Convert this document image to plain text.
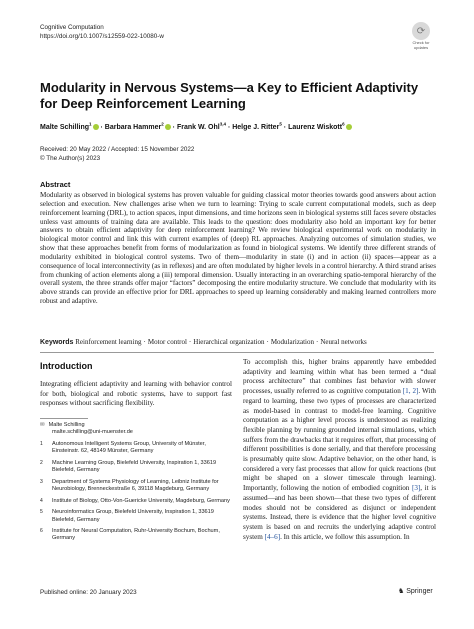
Cognitive Computation
https://doi.org/10.1007/s12559-022-10080-w	⟳
Check for
updates
Modularity in Nervous Systems—a Key to Efficient Adaptivity for Deep Reinforcement Learning
Malte Schilling$^1$ · Barbara Hammer$^2$ · Frank W. Ohl$^{3,4}$ · Helge J. Ritter$^5$ · Laurenz Wiskott$^6$
Received: 20 May 2022 / Accepted: 15 November 2022
© The Author(s) 2023
Abstract
Modularity as observed in biological systems has proven valuable for guiding classical motor theories towards good answers about action selection and execution. New challenges arise when we turn to learning: Trying to scale current computational models, such as deep reinforcement learning (DRL), to action spaces, input dimensions, and time horizons seen in biological systems still faces severe obstacles unless vast amounts of training data are available. This leads to the question: does modularity also hold an important key for better answers to obtain efficient adaptivity for deep reinforcement learning? We review biological experimental work on modularity in biological motor control and link this with current examples of (deep) RL approaches. Analyzing outcomes of simulation studies, we show that these approaches benefit from forms of modularization as found in biological systems. We identify three different strands of modularity exhibited in biological control systems. Two of them—modularity in state (i) and in action (ii) spaces—appear as a consequence of local interconnectivity (as in reflexes) and are often modulated by higher levels in a control hierarchy. A third strand arises from chunking of action elements along a (iii) temporal dimension. Usually interacting in an overarching spatio-temporal hierarchy of the overall system, the three strands offer major “factors” decomposing the entire modularity structure. We conclude that modularity with its above strands can provide an effective prior for DRL approaches to speed up learning considerably and making learned controllers more robust and adaptive.
Keywords Reinforcement learning · Motor control · Hierarchical organization · Modularization · Neural networks
Introduction
Integrating efficient adaptivity and learning with behavior control for both, biological and robotic systems, have to support fast responses without sacrificing flexibility.
✉ Malte Schilling
malte.schilling@uni-muenster.de
1 Autonomous Intelligent Systems Group, University of Münster, Einsteinstr. 62, 48149 Münster, Germany
2 Machine Learning Group, Bielefeld University, Inspiration 1, 33619 Bielefeld, Germany
3 Department of Systems Physiology of Learning, Leibniz Institute for Neurobiology, Brenneckestraße 6, 39118 Magdeburg, Germany
4 Institute of Biology, Otto-Von-Guericke University, Magdeburg, Germany
5 Neuroinformatics Group, Bielefeld University, Inspiration 1, 33619 Bielefeld, Germany
6 Institute for Neural Computation, Ruhr-University Bochum, Bochum, Germany
To accomplish this, higher brains apparently have embedded adaptivity and learning within what has been termed a “dual process architecture” that combines fast behavior with slower processes, usually referred to as cognitive computation [1, 2]. With regard to learning, these two types of processes are characterized as model-based in contrast to model-free learning. Cognitive computation as a higher level process is understood as realizing flexible planning by running grounded internal simulations, which suffers from the drawbacks that it requires effort, that processing of different possibilities is done serially, and that therefore processing is presumably quite slow. Adaptive behavior, on the other hand, is considered a very fast processes that allow for quick reactions (but might be shaped on a slower timescale through learning). Importantly, following the notion of embodied cognition [3], it is assumed—and has been shown—that these two types of different modes should not be considered as disjunct or independent systems. Instead, there is evidence that the higher level cognitive system is based on and recruits the underlying adaptive control system [4–6]. In this article, we follow this assumption. In
Published online: 20 January 2023	♞ Springer
